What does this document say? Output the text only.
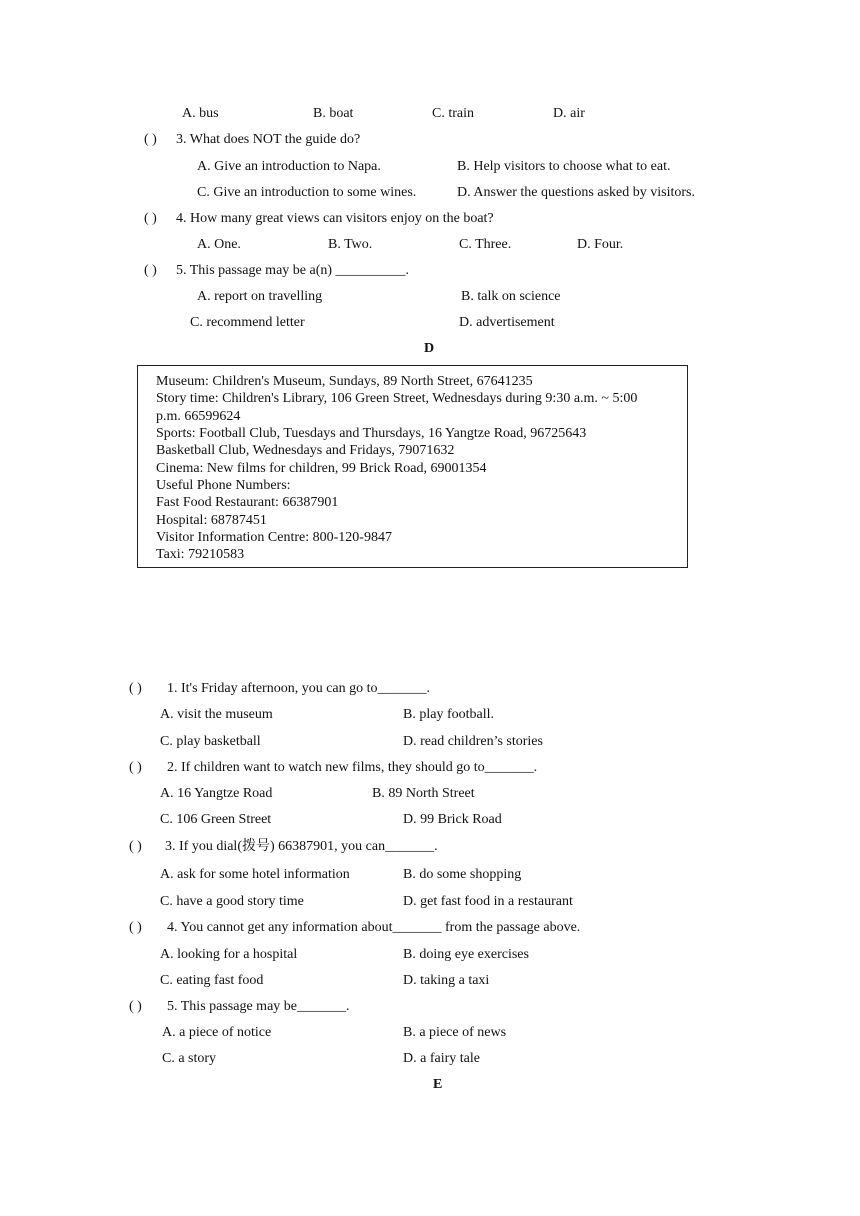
A. bus	B. boat	C. train	D. air
( ) 3. What does NOT the guide do?
A. Give an introduction to Napa.	B. Help visitors to choose what to eat.
C. Give an introduction to some wines.	D. Answer the questions asked by visitors.
( ) 4. How many great views can visitors enjoy on the boat?
A. One.	B. Two.	C. Three.	D. Four.
( ) 5. This passage may be a(n) __________.
A. report on travelling	B. talk on science
C. recommend letter	D. advertisement
D
Museum: Children's Museum, Sundays, 89 North Street, 67641235
Story time: Children's Library, 106 Green Street, Wednesdays during 9:30 a.m. ~ 5:00
p.m. 66599624
Sports: Football Club, Tuesdays and Thursdays, 16 Yangtze Road, 96725643
Basketball Club, Wednesdays and Fridays, 79071632
Cinema: New films for children, 99 Brick Road, 69001354
Useful Phone Numbers:
Fast Food Restaurant: 66387901
Hospital: 68787451
Visitor Information Centre: 800-120-9847
Taxi: 79210583
( ) 1. It's Friday afternoon, you can go to_______.
A. visit the museum	B. play football.
C. play basketball	D. read children’s stories
( ) 2. If children want to watch new films, they should go to_______.
A. 16 Yangtze Road	B. 89 North Street
C. 106 Green Street	D. 99 Brick Road
( ) 3. If you dial(拨号) 66387901, you can_______.
A. ask for some hotel information	B. do some shopping
C. have a good story time	D. get fast food in a restaurant
( ) 4. You cannot get any information about_______ from the passage above.
A. looking for a hospital	B. doing eye exercises
C. eating fast food	D. taking a taxi
( ) 5. This passage may be_______.
A. a piece of notice	B. a piece of news
C. a story	D. a fairy tale
E
